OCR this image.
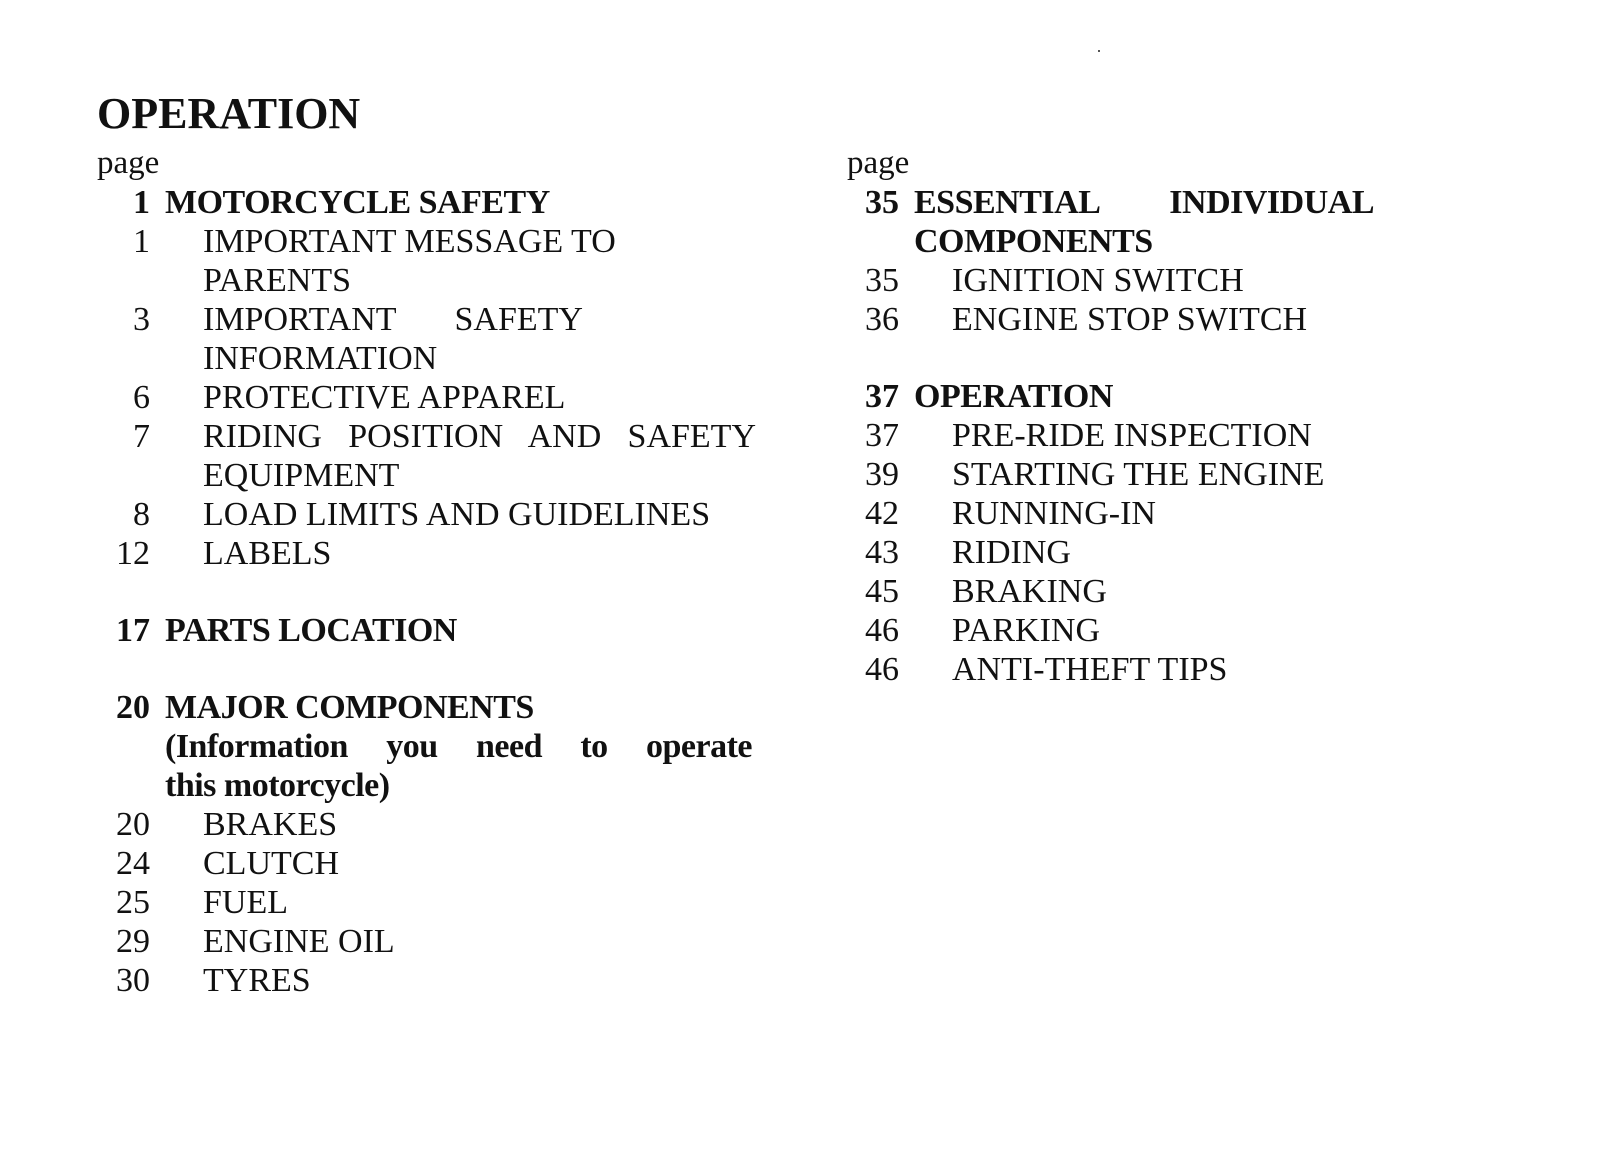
OPERATION
page
1 MOTORCYCLE SAFETY
1 IMPORTANT MESSAGE TO
PARENTS
3 IMPORTANT SAFETY
INFORMATION
6 PROTECTIVE APPAREL
7 RIDING POSITION AND SAFETY
EQUIPMENT
8 LOAD LIMITS AND GUIDELINES
12 LABELS
17 PARTS LOCATION
20 MAJOR COMPONENTS
(Information you need to operate
this motorcycle)
20 BRAKES
24 CLUTCH
25 FUEL
29 ENGINE OIL
30 TYRES
page
35 ESSENTIAL INDIVIDUAL
COMPONENTS
35 IGNITION SWITCH
36 ENGINE STOP SWITCH
37 OPERATION
37 PRE-RIDE INSPECTION
39 STARTING THE ENGINE
42 RUNNING-IN
43 RIDING
45 BRAKING
46 PARKING
46 ANTI-THEFT TIPS
